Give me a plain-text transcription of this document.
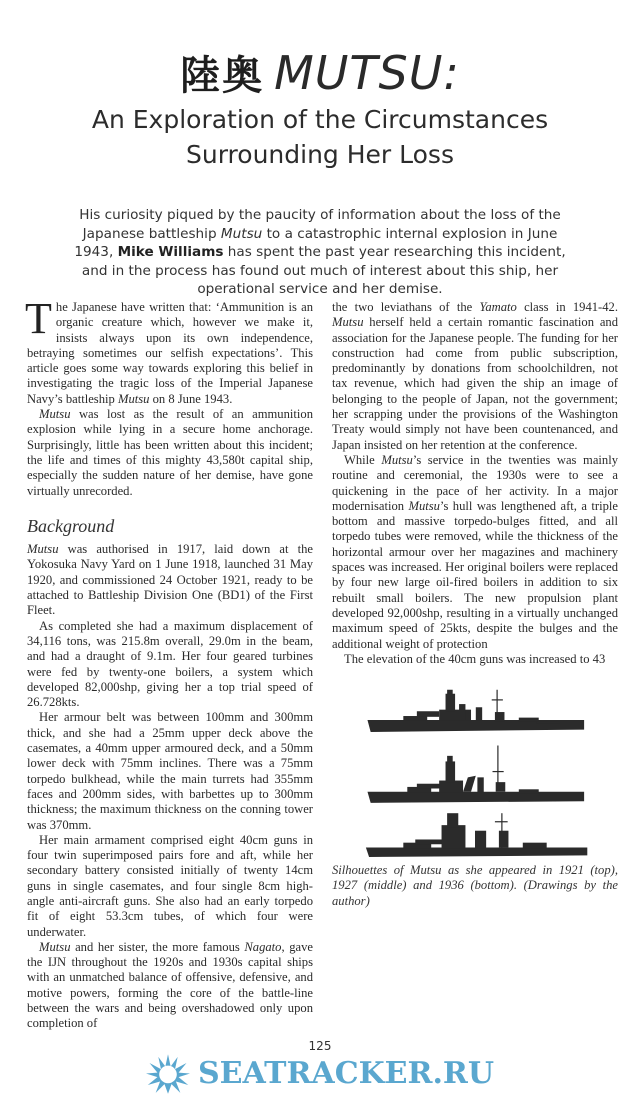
陸奥 MUTSU:
An Exploration of the Circumstances
Surrounding Her Loss
His curiosity piqued by the paucity of information about the loss of the Japanese battleship Mutsu to a catastrophic internal explosion in June 1943, Mike Williams has spent the past year researching this incident, and in the process has found out much of interest about this ship, her operational service and her demise.
T he Japanese have written that: ‘Ammunition is an organic creature which, however we make it, insists always upon its own independence, betraying sometimes our selfish expectations’. This article goes some way towards exploring this belief in investigating the tragic loss of the Imperial Japanese Navy’s battleship Mutsu on 8 June 1943.

Mutsu was lost as the result of an ammunition explosion while lying in a secure home anchorage. Surprisingly, little has been written about this incident; the life and times of this mighty 43,580t capital ship, especially the sudden nature of her demise, have gone virtually unrecorded.

Background

Mutsu was authorised in 1917, laid down at the Yokosuka Navy Yard on 1 June 1918, launched 31 May 1920, and commissioned 24 October 1921, ready to be attached to Battleship Division One (BD1) of the First Fleet.

As completed she had a maximum displacement of 34,116 tons, was 215.8m overall, 29.0m in the beam, and had a draught of 9.1m. Her four geared turbines were fed by twenty-one boilers, a system which developed 82,000shp, giving her a top trial speed of 26.728kts.

Her armour belt was between 100mm and 300mm thick, and she had a 25mm upper deck above the casemates, a 40mm upper armoured deck, and a 50mm lower deck with 75mm inclines. There was a 75mm torpedo bulkhead, while the main turrets had 355mm faces and 200mm sides, with barbettes up to 300mm thickness; the maximum thickness on the conning tower was 370mm.

Her main armament comprised eight 40cm guns in four twin superimposed pairs fore and aft, while her secondary battery consisted initially of twenty 14cm guns in single casemates, and four single 8cm high-angle anti-aircraft guns. She also had an early torpedo fit of eight 53.3cm tubes, of which four were underwater.

Mutsu and her sister, the more famous Nagato, gave the IJN throughout the 1920s and 1930s capital ships with an unmatched balance of offensive, defensive, and motive powers, forming the core of the battle-line between the wars and being overshadowed only upon completion of

the two leviathans of the Yamato class in 1941-42. Mutsu herself held a certain romantic fascination and association for the Japanese people. The funding for her construction had come from public subscription, predominantly by donations from schoolchildren, not tax revenue, which had given the ship an image of belonging to the people of Japan, not the government; her scrapping under the provisions of the Washington Treaty would simply not have been countenanced, and Japan insisted on her retention at the conference.

While Mutsu’s service in the twenties was mainly routine and ceremonial, the 1930s were to see a quickening in the pace of her activity. In a major modernisation Mutsu’s hull was lengthened aft, a triple bottom and massive torpedo-bulges fitted, and all torpedo tubes were removed, while the thickness of the horizontal armour over her magazines and machinery spaces was increased. Her original boilers were replaced by four new large oil-fired boilers in addition to six rebuilt small boilers. The new propulsion plant developed 92,000shp, resulting in a virtually unchanged maximum speed of 25kts, despite the bulges and the additional weight of protection

The elevation of the 40cm guns was increased to 43

Silhouettes of Mutsu as she appeared in 1921 (top), 1927 (middle) and 1936 (bottom). (Drawings by the author)
125
SEATRACKER.RU
